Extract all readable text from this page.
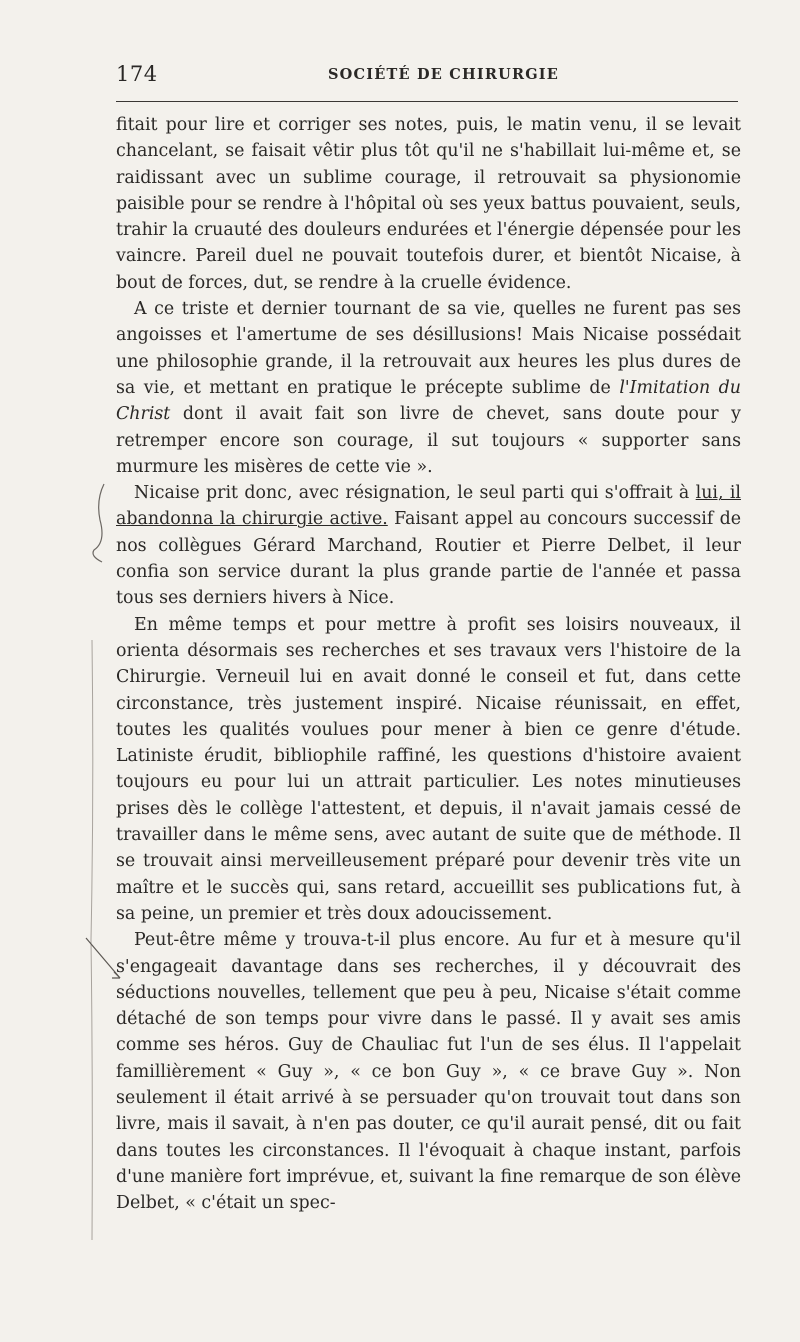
174	SOCIÉTÉ DE CHIRURGIE

fitait pour lire et corriger ses notes, puis, le matin venu, il se levait chancelant, se faisait vêtir plus tôt qu'il ne s'habillait lui-même et, se raidissant avec un sublime courage, il retrouvait sa physionomie paisible pour se rendre à l'hôpital où ses yeux battus pouvaient, seuls, trahir la cruauté des douleurs endurées et l'énergie dépensée pour les vaincre. Pareil duel ne pouvait toutefois durer, et bientôt Nicaise, à bout de forces, dut, se rendre à la cruelle évidence.

A ce triste et dernier tournant de sa vie, quelles ne furent pas ses angoisses et l'amertume de ses désillusions! Mais Nicaise possédait une philosophie grande, il la retrouvait aux heures les plus dures de sa vie, et mettant en pratique le précepte sublime de l'Imitation du Christ dont il avait fait son livre de chevet, sans doute pour y retremper encore son courage, il sut toujours « supporter sans murmure les misères de cette vie ».

Nicaise prit donc, avec résignation, le seul parti qui s'offrait à lui, il abandonna la chirurgie active. Faisant appel au concours successif de nos collègues Gérard Marchand, Routier et Pierre Delbet, il leur confia son service durant la plus grande partie de l'année et passa tous ses derniers hivers à Nice.

En même temps et pour mettre à profit ses loisirs nouveaux, il orienta désormais ses recherches et ses travaux vers l'histoire de la Chirurgie. Verneuil lui en avait donné le conseil et fut, dans cette circonstance, très justement inspiré. Nicaise réunissait, en effet, toutes les qualités voulues pour mener à bien ce genre d'étude. Latiniste érudit, bibliophile raffiné, les questions d'histoire avaient toujours eu pour lui un attrait particulier. Les notes minutieuses prises dès le collège l'attestent, et depuis, il n'avait jamais cessé de travailler dans le même sens, avec autant de suite que de méthode. Il se trouvait ainsi merveilleusement préparé pour devenir très vite un maître et le succès qui, sans retard, accueillit ses publications fut, à sa peine, un premier et très doux adoucissement.

Peut-être même y trouva-t-il plus encore. Au fur et à mesure qu'il s'engageait davantage dans ses recherches, il y découvrait des séductions nouvelles, tellement que peu à peu, Nicaise s'était comme détaché de son temps pour vivre dans le passé. Il y avait ses amis comme ses héros. Guy de Chauliac fut l'un de ses élus. Il l'appelait famillièrement « Guy », « ce bon Guy », « ce brave Guy ». Non seulement il était arrivé à se persuader qu'on trouvait tout dans son livre, mais il savait, à n'en pas douter, ce qu'il aurait pensé, dit ou fait dans toutes les circonstances. Il l'évoquait à chaque instant, parfois d'une manière fort imprévue, et, suivant la fine remarque de son élève Delbet, « c'était un spec-
